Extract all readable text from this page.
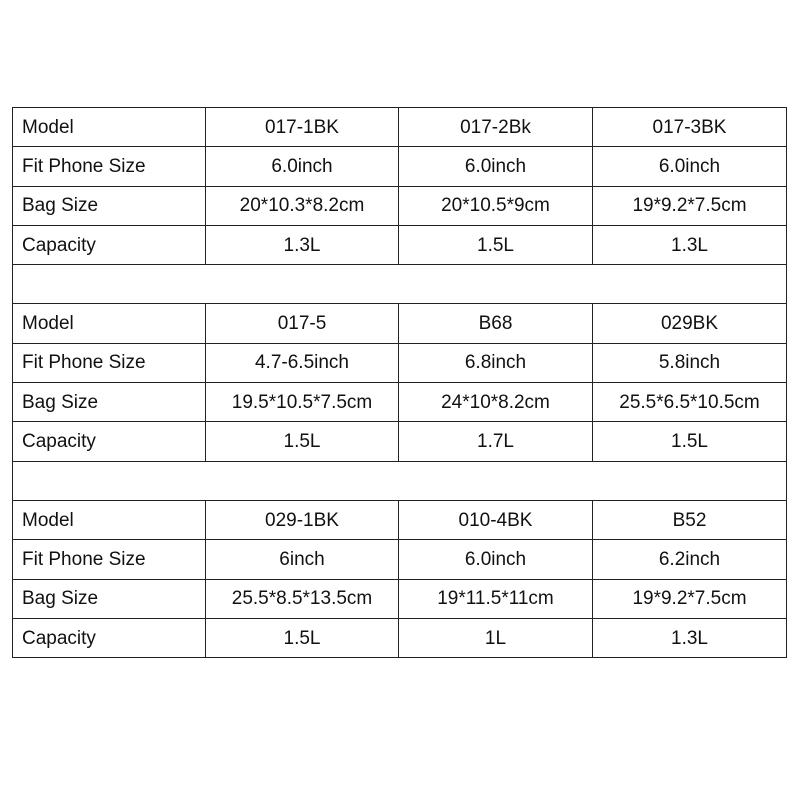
Model	017-1BK	017-2Bk	017-3BK
Fit Phone Size	6.0inch	6.0inch	6.0inch
Bag Size	20*10.3*8.2cm	20*10.5*9cm	19*9.2*7.5cm
Capacity	1.3L	1.5L	1.3L

Model	017-5	B68	029BK
Fit Phone Size	4.7-6.5inch	6.8inch	5.8inch
Bag Size	19.5*10.5*7.5cm	24*10*8.2cm	25.5*6.5*10.5cm
Capacity	1.5L	1.7L	1.5L

Model	029-1BK	010-4BK	B52
Fit Phone Size	6inch	6.0inch	6.2inch
Bag Size	25.5*8.5*13.5cm	19*11.5*11cm	19*9.2*7.5cm
Capacity	1.5L	1L	1.3L
